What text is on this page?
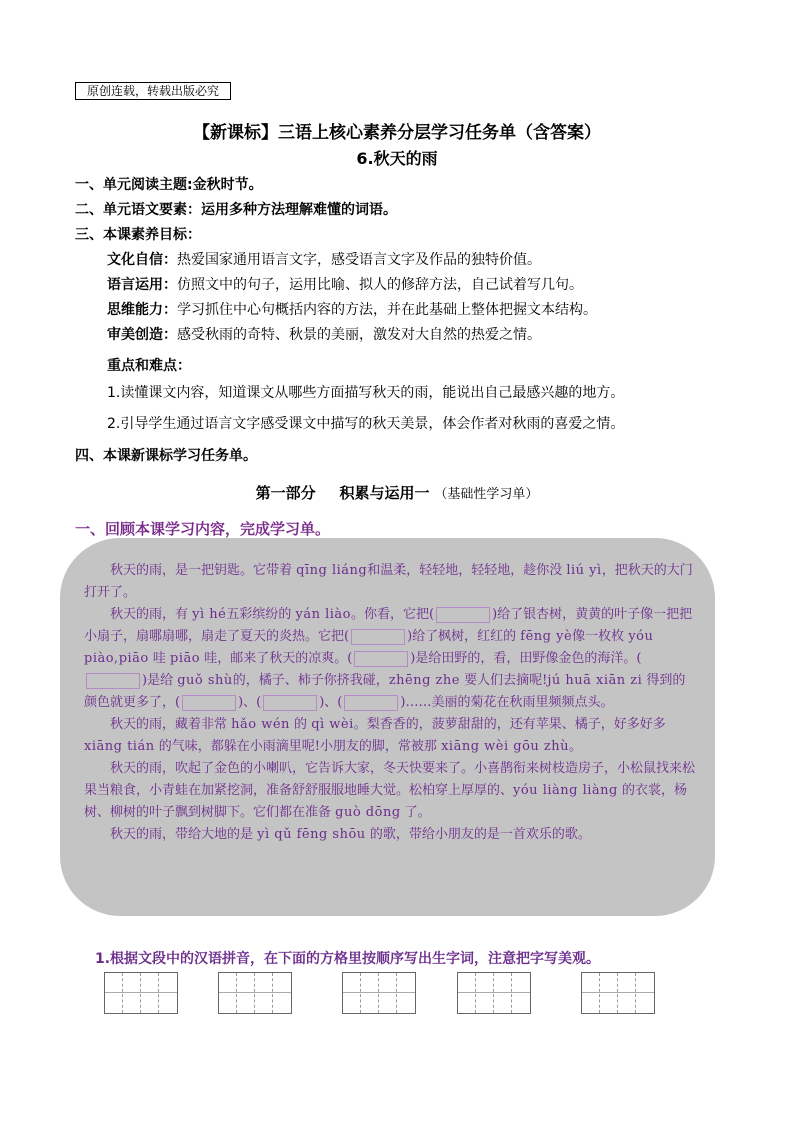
原创连载，转载出版必究
【新课标】三语上核心素养分层学习任务单（含答案）
6.秋天的雨
一、单元阅读主题:金秋时节。
二、单元语文要素：运用多种方法理解难懂的词语。
三、本课素养目标：
文化自信：热爱国家通用语言文字，感受语言文字及作品的独特价值。
语言运用：仿照文中的句子，运用比喻、拟人的修辞方法，自己试着写几句。
思维能力：学习抓住中心句概括内容的方法，并在此基础上整体把握文本结构。
审美创造：感受秋雨的奇特、秋景的美丽，激发对大自然的热爱之情。
重点和难点：
1.读懂课文内容，知道课文从哪些方面描写秋天的雨，能说出自己最感兴趣的地方。
2.引导学生通过语言文字感受课文中描写的秋天美景，体会作者对秋雨的喜爱之情。
四、本课新课标学习任务单。
第一部分 积累与运用一 （基础性学习单）
一、回顾本课学习内容，完成学习单。

秋天的雨，是一把钥匙。它带着 qīng liáng和温柔，轻轻地，轻轻地，趁你没 liú yì，把秋天的大门打开了。

秋天的雨，有 yì hé五彩缤纷的 yán liào。你看，它把(	)给了银杏树，黄黄的叶子像一把把小扇子，扇哪扇哪，扇走了夏天的炎热。它把(	)给了枫树，红红的 fēng yè像一枚枚 yóu piào,piāo 哇 piāo 哇，邮来了秋天的凉爽。(	)是给田野的，看，田野像金色的海洋。()是给 guǒ shù的，橘子、柿子你挤我碰，zhēng zhe 要人们去摘呢!jú huā xiān zi 得到的颜色就更多了，(	)、(	)、(	)……美丽的菊花在秋雨里频频点头。

秋天的雨，藏着非常 hǎo wén 的 qì wèi。梨香香的，菠萝甜甜的，还有苹果、橘子，好多好多 xiāng tián 的气味，都躲在小雨滴里呢!小朋友的脚，常被那 xiāng wèi gōu zhù。

秋天的雨，吹起了金色的小喇叭，它告诉大家，冬天快要来了。小喜鹊衔来树枝造房子，小松鼠找来松果当粮食，小青蛙在加紧挖洞，准备舒舒服服地睡大觉。松柏穿上厚厚的、yóu liàng liàng 的衣裳，杨树、柳树的叶子飘到树脚下。它们都在准备 guò dōng 了。

秋天的雨，带给大地的是 yì qǔ fēng shōu 的歌，带给小朋友的是一首欢乐的歌。

1.根据文段中的汉语拼音，在下面的方格里按顺序写出生字词，注意把字写美观。
